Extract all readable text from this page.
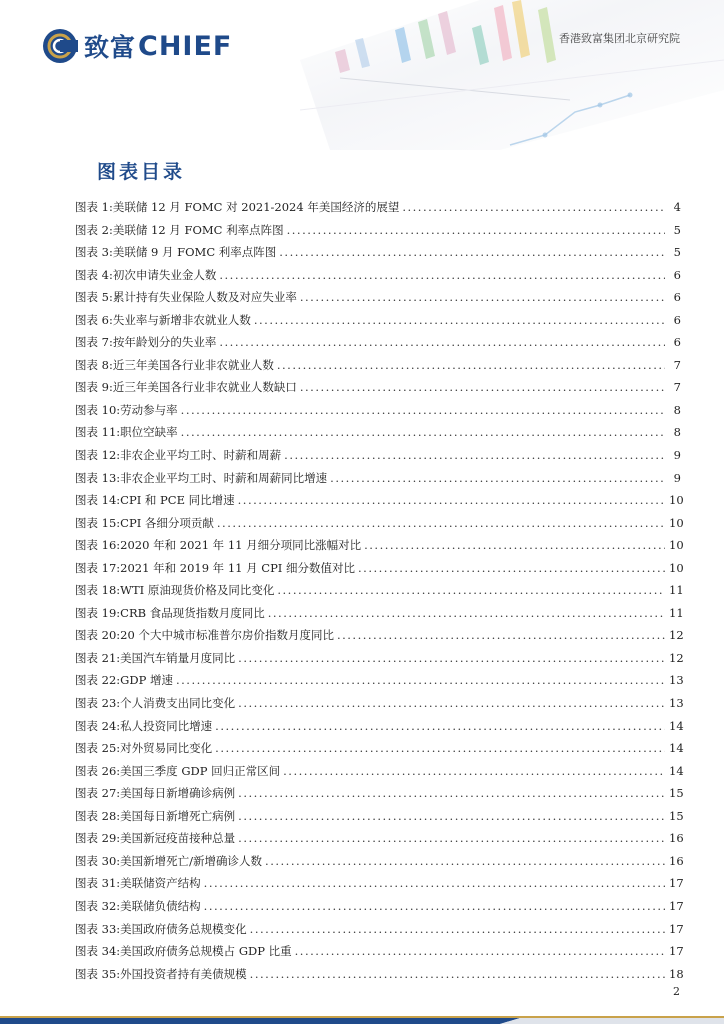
致富 CHIEF	香港致富集团北京研究院
图表目录
图表 1: 美联储 12 月 FOMC 对 2021-2024 年美国经济的展望 .....	4
图表 2: 美联储 12 月 FOMC 利率点阵图 .....	5
图表 3: 美联储 9 月 FOMC 利率点阵图 .....	5
图表 4: 初次申请失业金人数 .....	6
图表 5: 累计持有失业保险人数及对应失业率 .....	6
图表 6: 失业率与新增非农就业人数 .....	6
图表 7: 按年龄划分的失业率 .....	6
图表 8: 近三年美国各行业非农就业人数 .....	7
图表 9: 近三年美国各行业非农就业人数缺口 .....	7
图表 10: 劳动参与率 .....	8
图表 11: 职位空缺率 .....	8
图表 12: 非农企业平均工时、时薪和周薪 .....	9
图表 13: 非农企业平均工时、时薪和周薪同比增速 .....	9
图表 14: CPI 和 PCE 同比增速 .....	10
图表 15: CPI 各细分项贡献 .....	10
图表 16: 2020 年和 2021 年 11 月细分项同比涨幅对比 .....	10
图表 17: 2021 年和 2019 年 11 月 CPI 细分数值对比 .....	10
图表 18: WTI 原油现货价格及同比变化 .....	11
图表 19: CRB 食品现货指数月度同比 .....	11
图表 20: 20 个大中城市标准普尔房价指数月度同比 .....	12
图表 21: 美国汽车销量月度同比 .....	12
图表 22: GDP 增速 .....	13
图表 23: 个人消费支出同比变化 .....	13
图表 24: 私人投资同比增速 .....	14
图表 25: 对外贸易同比变化 .....	14
图表 26: 美国三季度 GDP 回归正常区间 .....	14
图表 27: 美国每日新增确诊病例 .....	15
图表 28: 美国每日新增死亡病例 .....	15
图表 29: 美国新冠疫苗接种总量 .....	16
图表 30: 美国新增死亡/新增确诊人数 .....	16
图表 31: 美联储资产结构 .....	17
图表 32: 美联储负债结构 .....	17
图表 33: 美国政府债务总规模变化 .....	17
图表 34: 美国政府债务总规模占 GDP 比重 .....	17
图表 35: 外国投资者持有美债规模 .....	18
2
